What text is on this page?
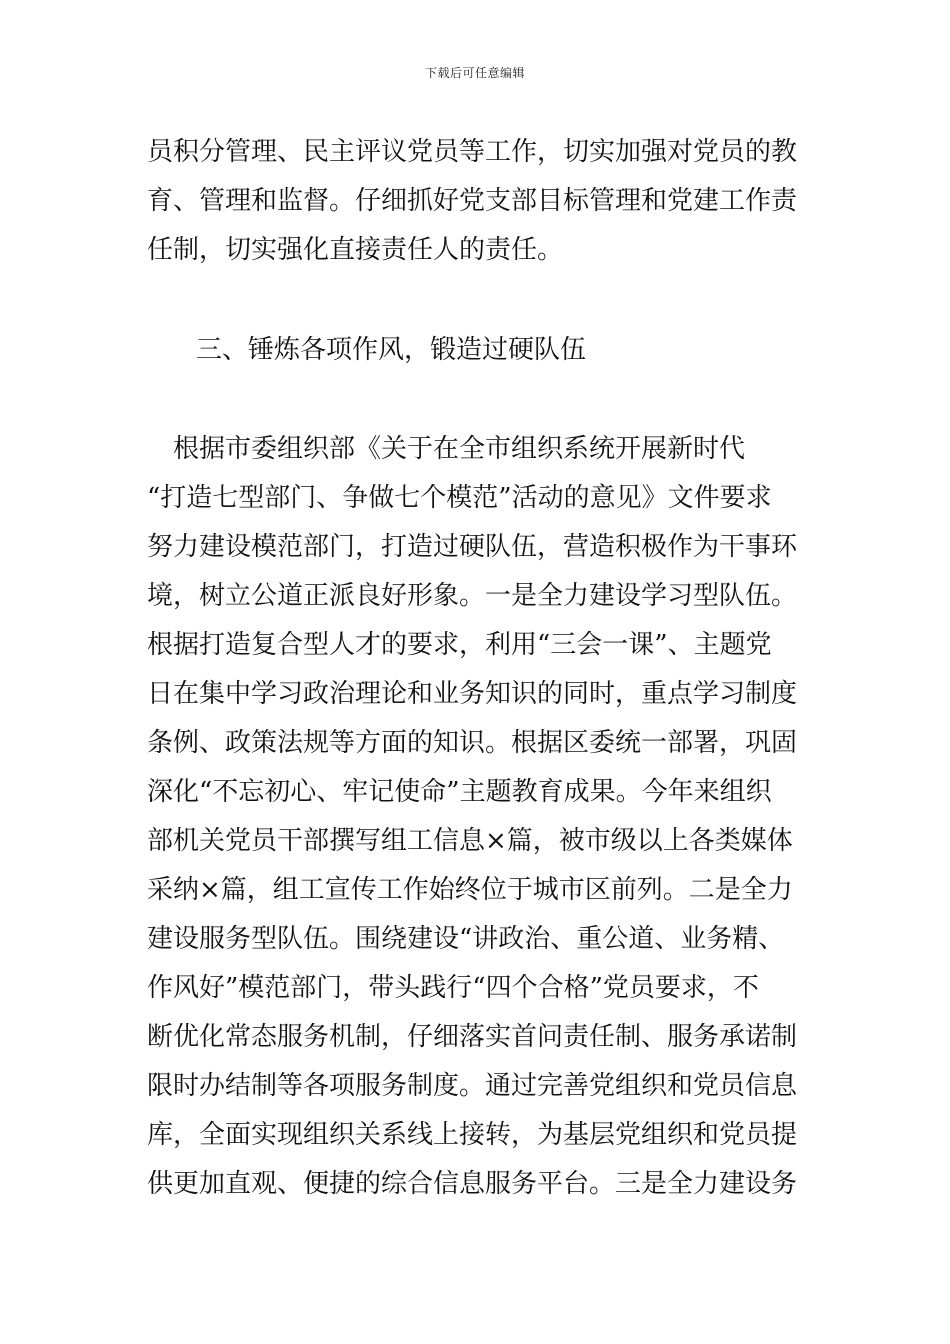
下载后可任意编辑
员积分管理、民主评议党员等工作，切实加强对党员的教
育、管理和监督。仔细抓好党支部目标管理和党建工作责
任制，切实强化直接责任人的责任。
三、锤炼各项作风，锻造过硬队伍
　根据市委组织部《关于在全市组织系统开展新时代
“打造七型部门、争做七个模范”活动的意见》文件要求
努力建设模范部门，打造过硬队伍，营造积极作为干事环
境，树立公道正派良好形象。一是全力建设学习型队伍。
根据打造复合型人才的要求，利用“三会一课”、主题党
日在集中学习政治理论和业务知识的同时，重点学习制度
条例、政策法规等方面的知识。根据区委统一部署，巩固
深化“不忘初心、牢记使命”主题教育成果。今年来组织
部机关党员干部撰写组工信息×篇，被市级以上各类媒体
采纳×篇，组工宣传工作始终位于城市区前列。二是全力
建设服务型队伍。围绕建设“讲政治、重公道、业务精、
作风好”模范部门，带头践行“四个合格”党员要求，不
断优化常态服务机制，仔细落实首问责任制、服务承诺制
限时办结制等各项服务制度。通过完善党组织和党员信息
库，全面实现组织关系线上接转，为基层党组织和党员提
供更加直观、便捷的综合信息服务平台。三是全力建设务
